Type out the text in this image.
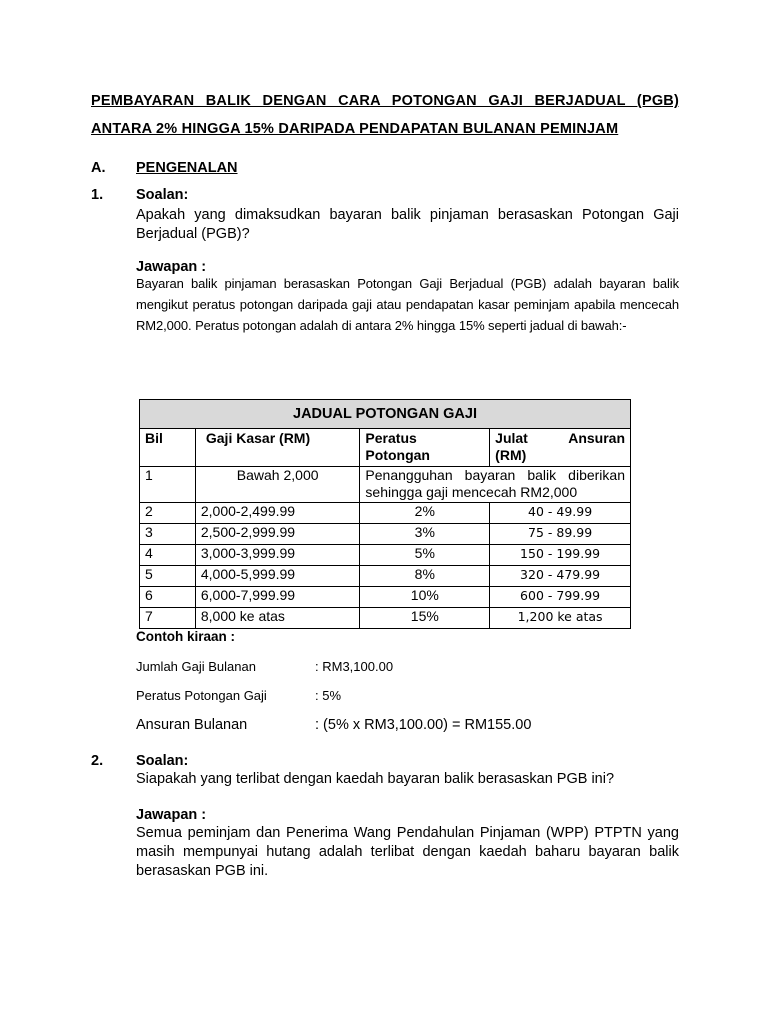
PEMBAYARAN BALIK DENGAN CARA POTONGAN GAJI BERJADUAL (PGB)
ANTARA 2% HINGGA 15% DARIPADA PENDAPATAN BULANAN PEMINJAM
A. PENGENALAN
1. Soalan:
Apakah yang dimaksudkan bayaran balik pinjaman berasaskan Potongan Gaji Berjadual (PGB)?
Jawapan :
Bayaran balik pinjaman berasaskan Potongan Gaji Berjadual (PGB) adalah bayaran balik mengikut peratus potongan daripada gaji atau pendapatan kasar peminjam apabila mencecah RM2,000. Peratus potongan adalah di antara 2% hingga 15% seperti jadual di bawah:-
JADUAL POTONGAN GAJI			
Bil	Gaji Kasar (RM)	Peratus Potongan	Julat Ansuran
(RM)

1	Bawah 2,000	Penangguhan bayaran balik diberikan sehingga gaji mencecah RM2,000	
2	2,000-2,499.99	2%	40 - 49.99
3	2,500-2,999.99	3%	75 - 89.99
4	3,000-3,999.99	5%	150 - 199.99
5	4,000-5,999.99	8%	320 - 479.99
6	6,000-7,999.99	10%	600 - 799.99
7	8,000 ke atas	15%	1,200 ke atas
Contoh kiraan :
Jumlah Gaji Bulanan	: RM3,100.00
Peratus Potongan Gaji	: 5%
Ansuran Bulanan	: (5% x RM3,100.00) = RM155.00
2. Soalan:
Siapakah yang terlibat dengan kaedah bayaran balik berasaskan PGB ini?
Jawapan :
Semua peminjam dan Penerima Wang Pendahulan Pinjaman (WPP) PTPTN yang masih mempunyai hutang adalah terlibat dengan kaedah baharu bayaran balik berasaskan PGB ini.
